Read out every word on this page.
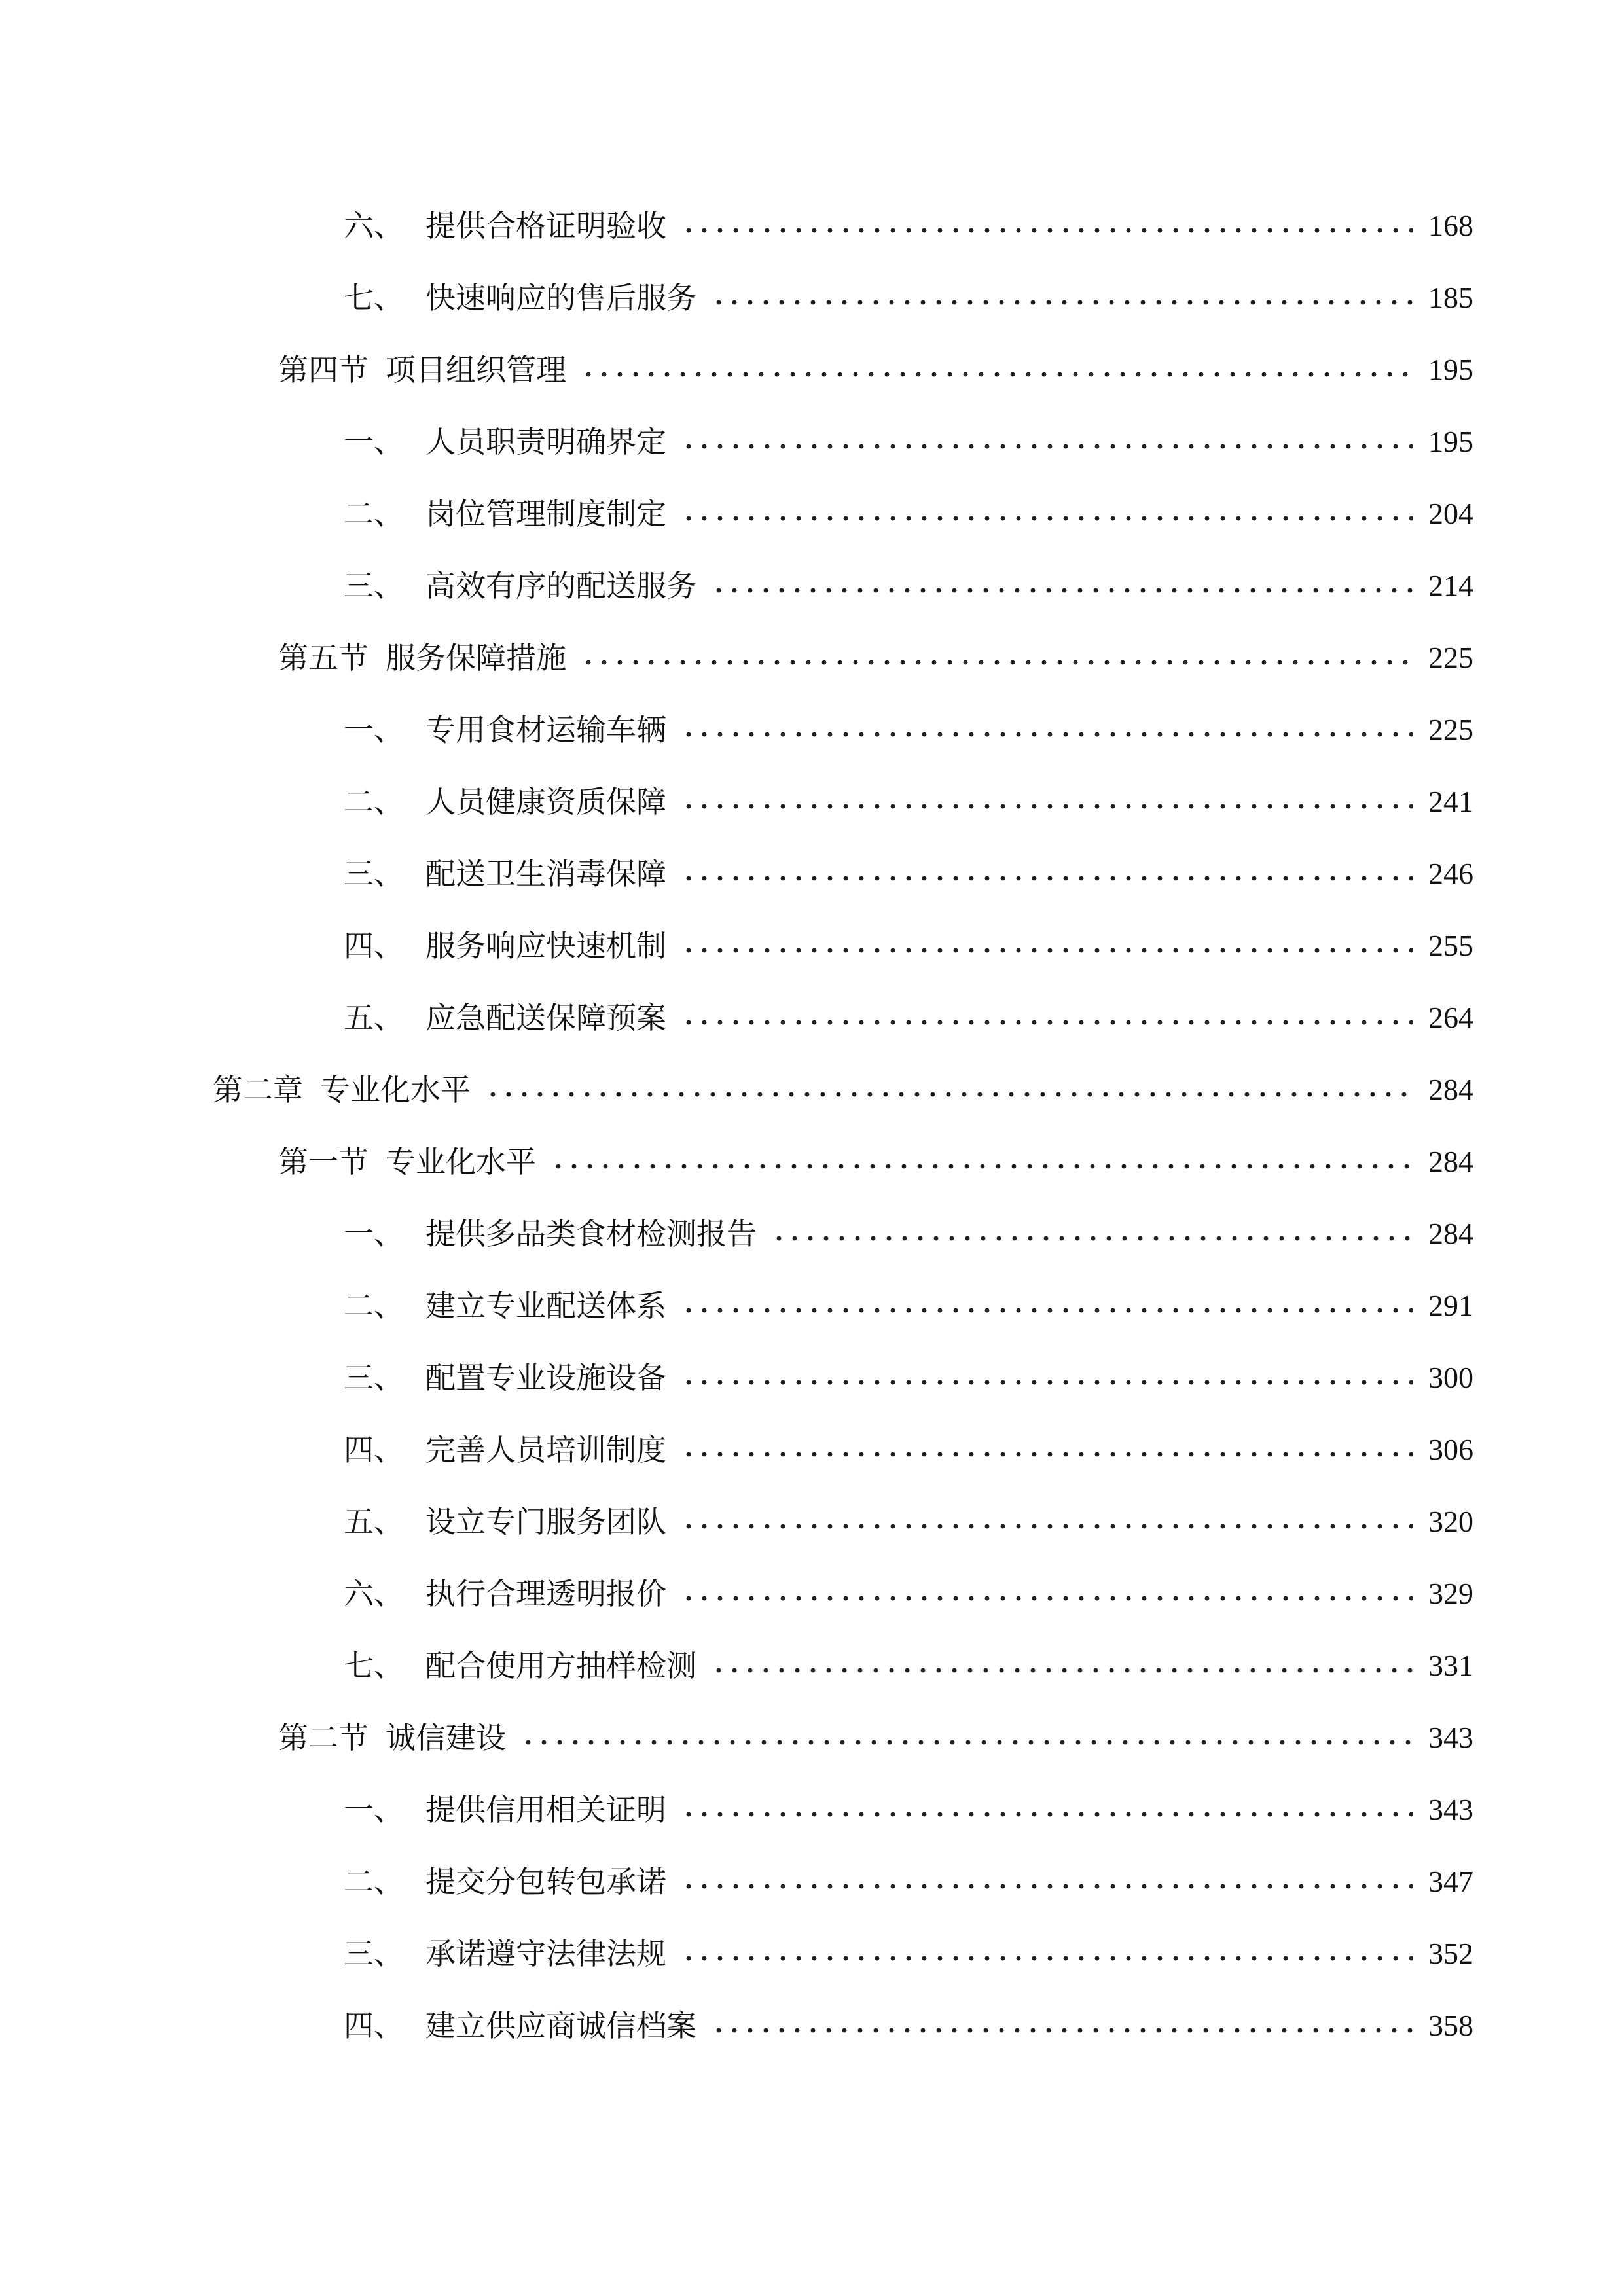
六、 提供合格证明验收	168
七、 快速响应的售后服务	185
第四节 项目组织管理	195
一、 人员职责明确界定	195
二、 岗位管理制度制定	204
三、 高效有序的配送服务	214
第五节 服务保障措施	225
一、 专用食材运输车辆	225
二、 人员健康资质保障	241
三、 配送卫生消毒保障	246
四、 服务响应快速机制	255
五、 应急配送保障预案	264
第二章 专业化水平	284
第一节 专业化水平	284
一、 提供多品类食材检测报告	284
二、 建立专业配送体系	291
三、 配置专业设施设备	300
四、 完善人员培训制度	306
五、 设立专门服务团队	320
六、 执行合理透明报价	329
七、 配合使用方抽样检测	331
第二节 诚信建设	343
一、 提供信用相关证明	343
二、 提交分包转包承诺	347
三、 承诺遵守法律法规	352
四、 建立供应商诚信档案	358
